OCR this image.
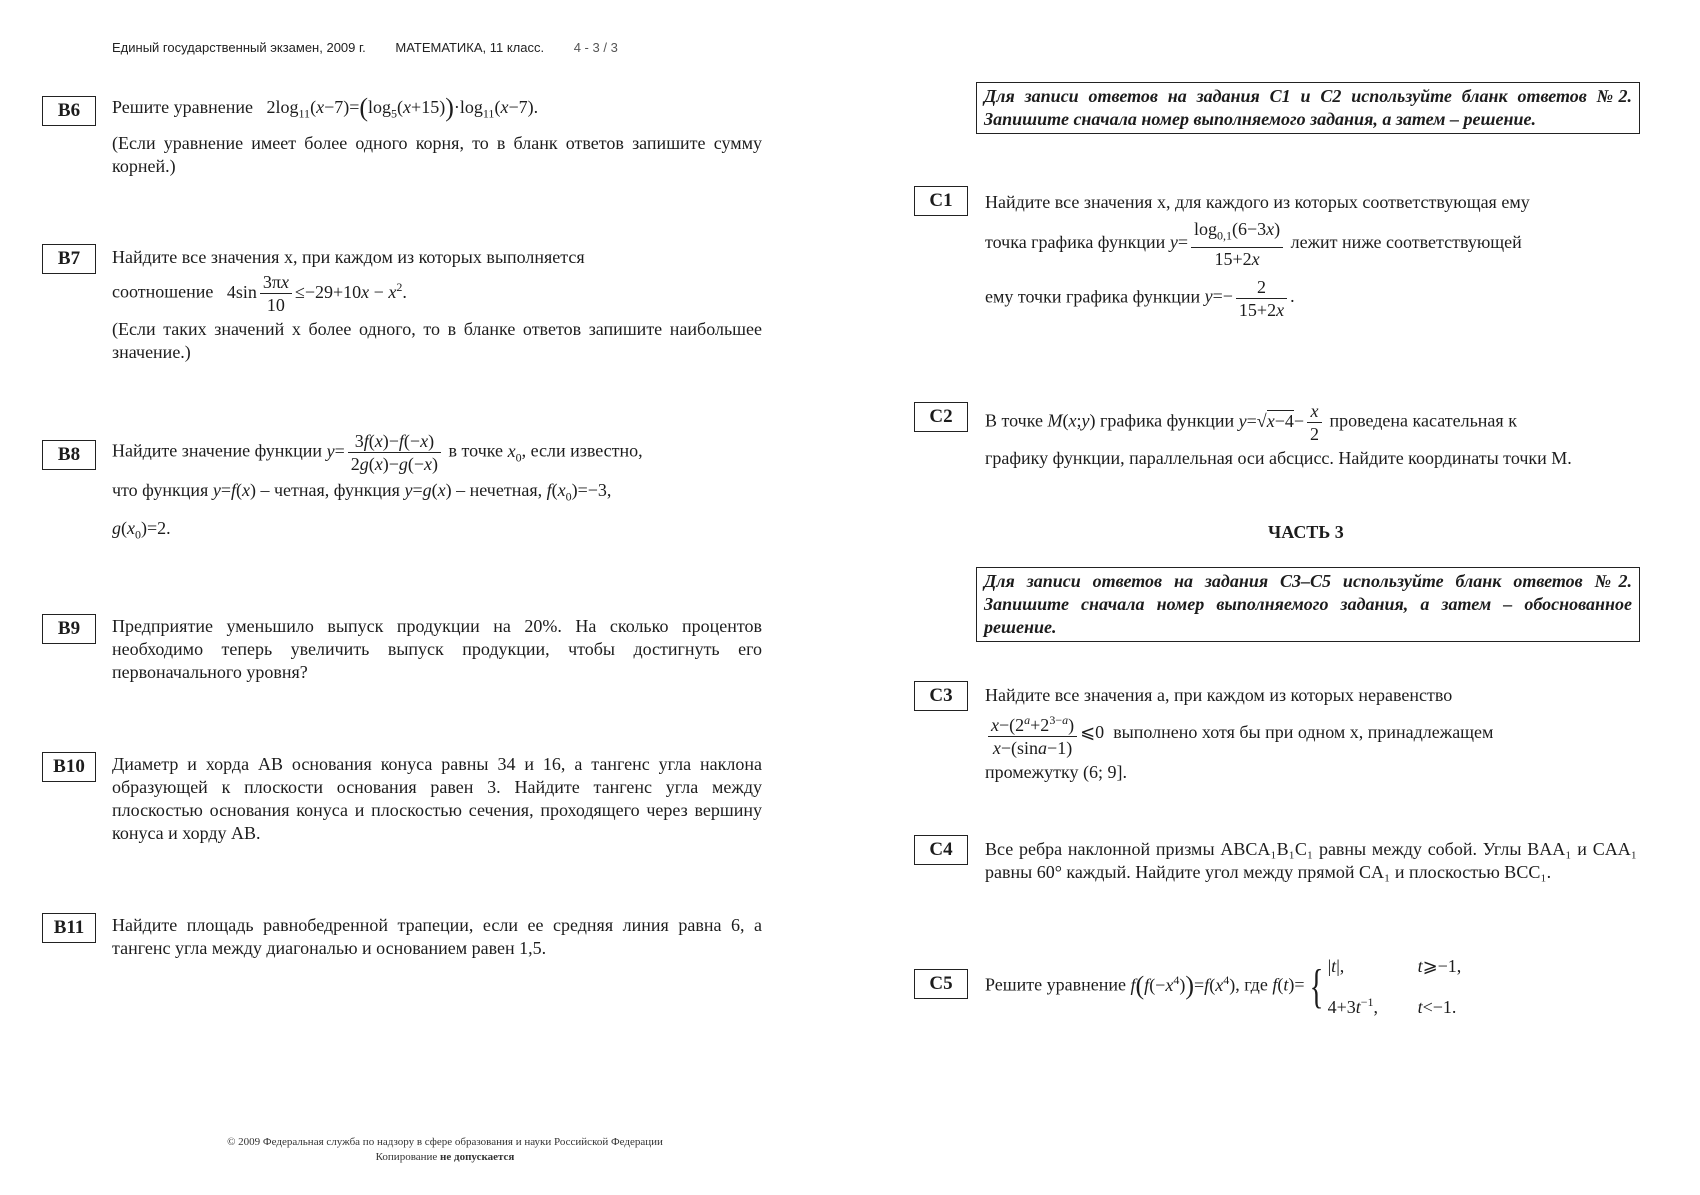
Единый государственный экзамен, 2009 г. МАТЕМАТИКА, 11 класс. 4 - 3 / 3
B6	Решите уравнение   $2\log_{11}(x-7)=(\log_5(x+15))\cdot\log_{11}(x-7)$.
(Если уравнение имеет более одного корня, то в бланк ответов запишите сумму корней.)
B7	Найдите все значения x, при каждом из которых выполняется
соотношение   $4\sin \frac{3\pi x}{10} \le-29+10x - x^2$.
(Если таких значений x более одного, то в бланке ответов запишите наибольшее значение.)
B8	Найдите значение функции $y= \frac{3f(x)-f(-x)}{2g(x)-g(-x)}$ в точке $x_0$, если известно,
что функция y=f(x) – четная, функция y=g(x) – нечетная, $f(x_0)=-3$,
$g(x_0)=2$.
B9	Предприятие уменьшило выпуск продукции на 20%. На сколько процентов необходимо теперь увеличить выпуск продукции, чтобы достигнуть его первоначального уровня?
B10	Диаметр и хорда AB основания конуса равны 34 и 16, а тангенс угла наклона образующей к плоскости основания равен 3. Найдите тангенс угла между плоскостью основания конуса и плоскостью сечения, проходящего через вершину конуса и хорду AB.
B11	Найдите площадь равнобедренной трапеции, если ее средняя линия равна 6, а тангенс угла между диагональю и основанием равен 1,5.
Для записи ответов на задания С1 и С2 используйте бланк ответов №2. Запишите сначала номер выполняемого задания, а затем – решение.
C1	Найдите все значения x, для каждого из которых соответствующая ему
точка графика функции $y= \frac{\log_{0,1}(6-3x)}{15+2x}$ лежит ниже соответствующей
ему точки графика функции $y=- \frac{2}{15+2x}$ .
C2	В точке M(x;y) графика функции $y=√x-4- \frac{x}{2}$ проведена касательная к
графику функции, параллельная оси абсцисс. Найдите координаты точки M.
ЧАСТЬ 3
Для записи ответов на задания С3–С5 используйте бланк ответов №2. Запишите сначала номер выполняемого задания, а затем – обоснованное решение.
C3	Найдите все значения a, при каждом из которых неравенство
$\frac{x-(2^a+2^{3-a})}{x-(\sin a-1)}$ ⩽0 выполнено хотя бы при одном x, принадлежащем
промежутку (6; 9].
C4	Все ребра наклонной призмы ABCA₁B₁C₁ равны между собой. Углы BAA₁ и CAA₁ равны 60° каждый. Найдите угол между прямой CA₁ и плоскостью BCC₁.
C5	Решите уравнение $f(f(-x^4))=f(x^4)$, где f(t)={ |t|,	t⩾−1,
$4+3t^{-1}$, t<−1.
© 2009 Федеральная служба по надзору в сфере образования и науки Российской Федерации
Копирование не допускается
